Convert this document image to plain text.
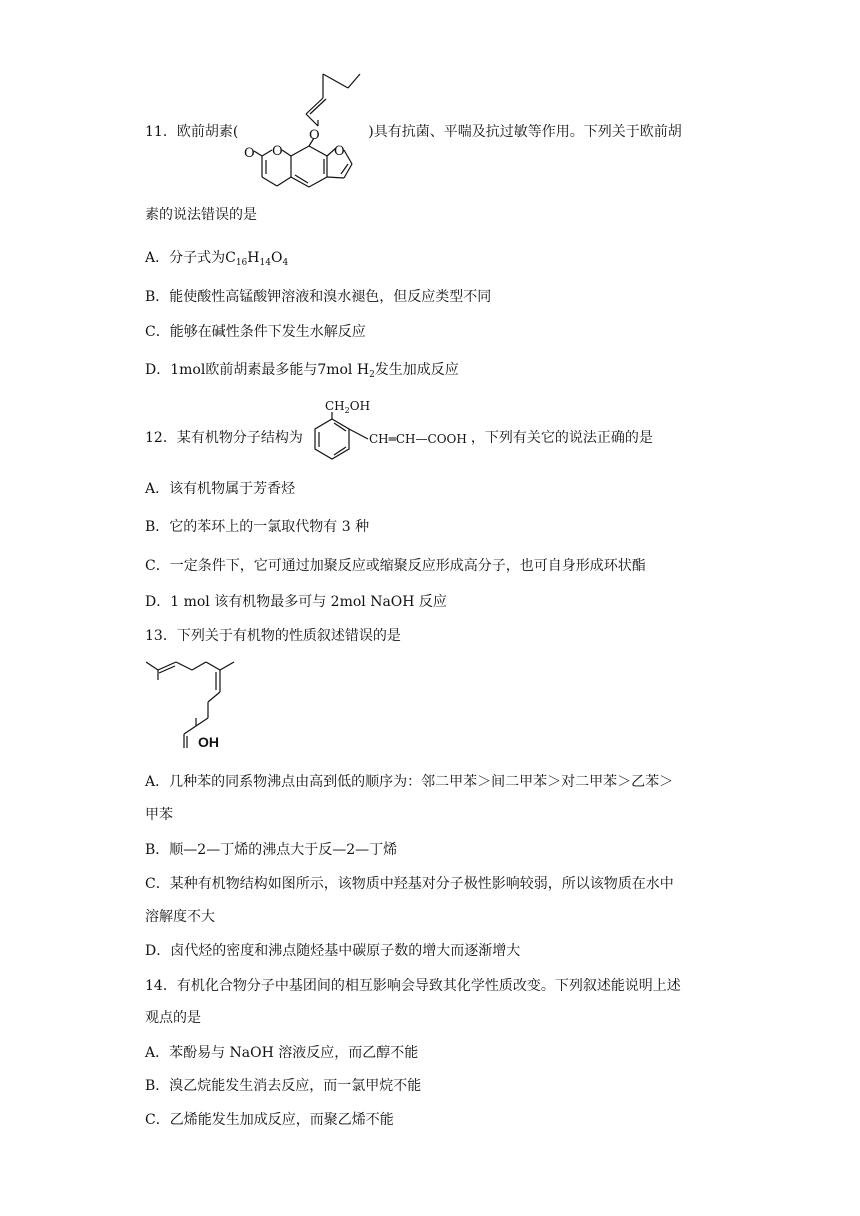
11．欧前胡素(	)具有抗菌、平喘及抗过敏等作用。下列关于欧前胡
O
O
O	O
素的说法错误的是
A．分子式为$C_{16}H_{14}O_4$
B．能使酸性高锰酸钾溶液和溴水褪色，但反应类型不同
C．能够在碱性条件下发生水解反应
D．1mol欧前胡素最多能与7mol $H_2$发生加成反应
12．某有机物分子结构为	，下列有关它的说法正确的是
$CH_2OH$
CH═CH—COOH
A．该有机物属于芳香烃
B．它的苯环上的一氯取代物有 3 种
C．一定条件下，它可通过加聚反应或缩聚反应形成高分子，也可自身形成环状酯
D．1 mol 该有机物最多可与 2mol NaOH 反应
13．下列关于有机物的性质叙述错误的是
OH
A．几种苯的同系物沸点由高到低的顺序为：邻二甲苯＞间二甲苯＞对二甲苯＞乙苯＞
甲苯
B．顺—2—丁烯的沸点大于反—2—丁烯
C．某种有机物结构如图所示，该物质中羟基对分子极性影响较弱，所以该物质在水中
溶解度不大
D．卤代烃的密度和沸点随烃基中碳原子数的增大而逐渐增大
14．有机化合物分子中基团间的相互影响会导致其化学性质改变。下列叙述能说明上述
观点的是
A．苯酚易与 NaOH 溶液反应，而乙醇不能
B．溴乙烷能发生消去反应，而一氯甲烷不能
C．乙烯能发生加成反应，而聚乙烯不能
